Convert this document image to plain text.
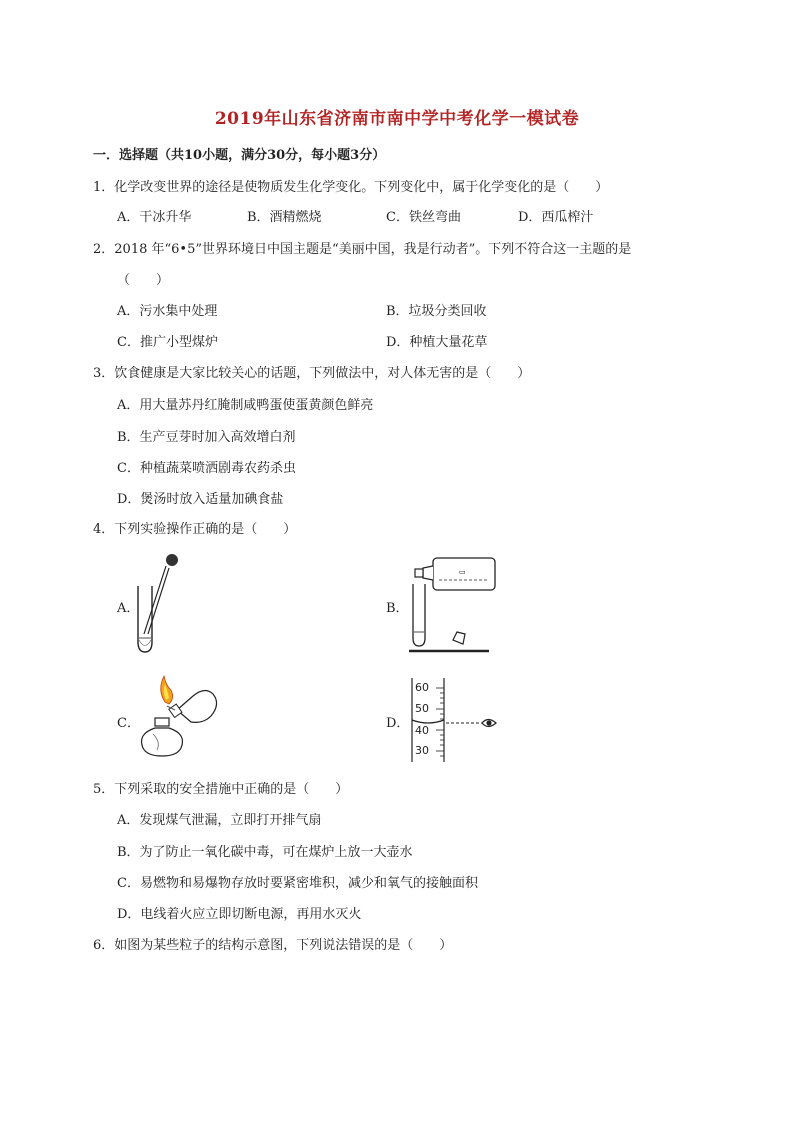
2019年山东省济南市南中学中考化学一模试卷
一．选择题（共10小题，满分30分，每小题3分）
1．化学改变世界的途径是使物质发生化学变化。下列变化中，属于化学变化的是（　　）
A．干冰升华	B．酒精燃烧	C．铁丝弯曲	D．西瓜榨汁
2．2018 年“6•5”世界环境日中国主题是“美丽中国，我是行动者”。下列不符合这一主题的是
（　　）
A．污水集中处理	B．垃圾分类回收
C．推广小型煤炉	D．种植大量花草
3．饮食健康是大家比较关心的话题，下列做法中，对人体无害的是（　　）
A．用大量苏丹红腌制咸鸭蛋使蛋黄颜色鲜亮
B．生产豆芽时加入高效增白剂
C．种植蔬菜喷洒剧毒农药杀虫
D．煲汤时放入适量加碘食盐
4．下列实验操作正确的是（　　）
A．	B．
▭
C．	D．
60
50
40
30
5．下列采取的安全措施中正确的是（　　）
A．发现煤气泄漏，立即打开排气扇
B．为了防止一氧化碳中毒，可在煤炉上放一大壶水
C．易燃物和易爆物存放时要紧密堆积，减少和氧气的接触面积
D．电线着火应立即切断电源，再用水灭火
6．如图为某些粒子的结构示意图，下列说法错误的是（　　）
